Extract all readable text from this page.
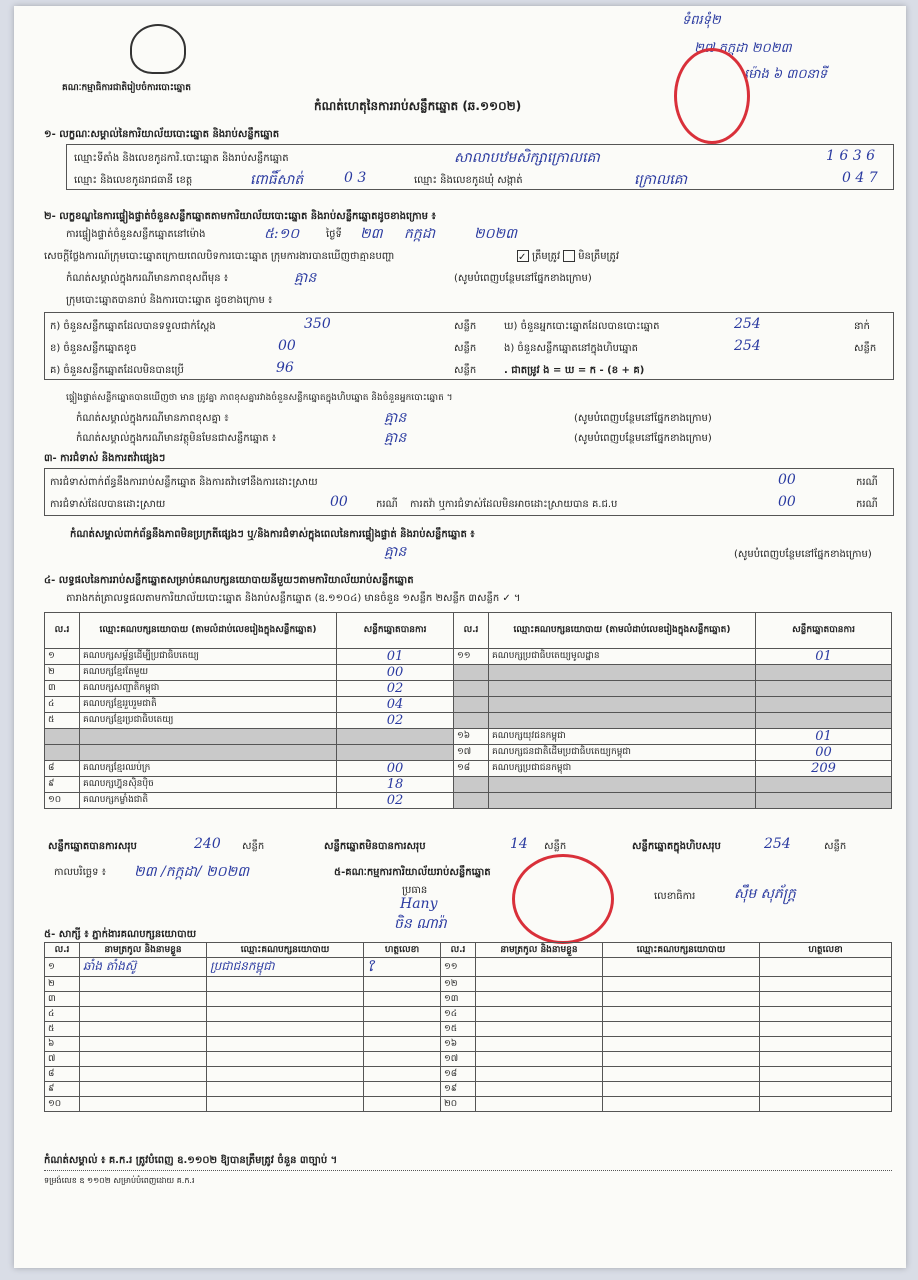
គណៈកម្មាធិការជាតិរៀបចំការបោះឆ្នោត
ទំពរទុំ២
២៧ កក្កដា ២០២៣
ម៉ោង ៦ ៣០នាទី
កំណត់ហេតុនៃការរាប់សន្លឹកឆ្នោត (ឆ.១១០២)
១- លក្ខណៈសម្គាល់នៃការិយាល័យបោះឆ្នោត និងរាប់សន្លឹកឆ្នោត
ឈ្មោះទីតាំង និងលេខកូដការិ.បោះឆ្នោត និងរាប់សន្លឹកឆ្នោត	សាលាបឋមសិក្សាក្រោលគោ	1 6 3 6
ឈ្មោះ និងលេខកូដរាជធានី ខេត្ត	ពោធិ៍សាត់	0 3	ឈ្មោះ និងលេខកូដឃុំ សង្កាត់	ក្រោលគោ	0 4 7
២- លក្ខខណ្ឌនៃការផ្ទៀងផ្ទាត់ចំនួនសន្លឹកឆ្នោតតាមការិយាល័យបោះឆ្នោត និងរាប់សន្លឹកឆ្នោតដូចខាងក្រោម ៖
ការផ្ទៀងផ្ទាត់ចំនួនសន្លឹកឆ្នោតនៅម៉ោង	៥:១០	ថ្ងៃទី ២៣ កក្កដា	២០២៣
សេចក្តីថ្លែងការណ៍ក្រុមបោះឆ្នោតក្រោយពេលបិទការបោះឆ្នោត ក្រុមការងារបានឃើញថាគ្មានបញ្ហា	✓ ត្រឹមត្រូវ មិនត្រឹមត្រូវ
កំណត់សម្គាល់ក្នុងករណីមានភាពខុសពីមុន ៖	គ្មាន	(សូមបំពេញបន្ថែមនៅផ្នែកខាងក្រោម)
ក្រុមបោះឆ្នោតបានរាប់ និងការបោះឆ្នោត ដូចខាងក្រោម ៖
ក) ចំនួនសន្លឹកឆ្នោតដែលបានទទួលជាក់ស្តែង	350	សន្លឹក
ខ) ចំនួនសន្លឹកឆ្នោតខូច	00	សន្លឹក
គ) ចំនួនសន្លឹកឆ្នោតដែលមិនបានប្រើ	96	សន្លឹក
ឃ) ចំនួនអ្នកបោះឆ្នោតដែលបានបោះឆ្នោត	254	នាក់
ង) ចំនួនសន្លឹកឆ្នោតនៅក្នុងហិបឆ្នោត	254	សន្លឹក
. ជាតម្រូវ ង = ឃ = ក - (ខ + គ)
ផ្ទៀងផ្ទាត់សន្លឹកឆ្នោតបានឃើញថា មាន ត្រូវគ្នា ភាពខុសគ្នារវាងចំនួនសន្លឹកឆ្នោតក្នុងហិបឆ្នោត និងចំនួនអ្នកបោះឆ្នោត ។
កំណត់សម្គាល់ក្នុងករណីមានភាពខុសគ្នា ៖	គ្មាន	(សូមបំពេញបន្ថែមនៅផ្នែកខាងក្រោម)
កំណត់សម្គាល់ក្នុងករណីមានវត្ថុមិនមែនជាសន្លឹកឆ្នោត ៖	គ្មាន	(សូមបំពេញបន្ថែមនៅផ្នែកខាងក្រោម)
៣- ការជំទាស់ និងការតវ៉ាផ្សេងៗ
ការជំទាស់ពាក់ព័ន្ធនឹងការរាប់សន្លឹកឆ្នោត និងការតវ៉ាទៅនឹងការដោះស្រាយ	00	ករណី
ការជំទាស់ដែលបានដោះស្រាយ	00	ករណី ការតវ៉ា ឬការជំទាស់ដែលមិនអាចដោះស្រាយបាន គ.ជ.ប	00	ករណី
កំណត់សម្គាល់ពាក់ព័ន្ធនឹងភាពមិនប្រក្រតីផ្សេងៗ ឬ/និងការជំទាស់ក្នុងពេលនៃការផ្ទៀងផ្ទាត់ និងរាប់សន្លឹកឆ្នោត ៖
គ្មាន	(សូមបំពេញបន្ថែមនៅផ្នែកខាងក្រោម)
៤- លទ្ធផលនៃការរាប់សន្លឹកឆ្នោតសម្រាប់គណបក្សនយោបាយនីមួយៗតាមការិយាល័យរាប់សន្លឹកឆ្នោត
តារាងកត់ត្រាលទ្ធផលតាមការិយាល័យបោះឆ្នោត និងរាប់សន្លឹកឆ្នោត (ឧ.១១០៤) មានចំនួន ១សន្លឹក ២សន្លឹក ៣សន្លឹក ✓ ។
ល.រ	ឈ្មោះគណបក្សនយោបាយ (តាមលំដាប់លេខរៀងក្នុងសន្លឹកឆ្នោត)	សន្លឹកឆ្នោតបានការ	ល.រ	ឈ្មោះគណបក្សនយោបាយ (តាមលំដាប់លេខរៀងក្នុងសន្លឹកឆ្នោត)	សន្លឹកឆ្នោតបានការ
១	គណបក្សសម្ព័ន្ធដើម្បីប្រជាធិបតេយ្យ	01	១១	គណបក្សប្រជាធិបតេយ្យមូលដ្ឋាន	01
២	គណបក្សខ្មែរតែមួយ	00			
៣	គណបក្សសញ្ជាតិកម្ពុជា	02			
៤	គណបក្សខ្មែររួបរួមជាតិ	04			
៥	គណបក្សខ្មែរប្រជាធិបតេយ្យ	02			
			១៦	គណបក្សយុវជនកម្ពុជា	01
			១៧	គណបក្សជនជាតិដើមប្រជាធិបតេយ្យកម្ពុជា	00
៨	គណបក្សខ្មែរឈប់ក្រ	00	១៨	គណបក្សប្រជាជនកម្ពុជា	209
៩	គណបក្សហ្វ៊ុនស៊ិនប៉ិច	18			
១០	គណបក្សកម្លាំងជាតិ	02			
សន្លឹកឆ្នោតបានការសរុប	240 សន្លឹក	សន្លឹកឆ្នោតមិនបានការសរុប	14 សន្លឹក	សន្លឹកឆ្នោតក្នុងហិបសរុប	254	សន្លឹក
កាលបរិច្ឆេទ ៖ ២៣ /កក្កដា/ ២០២៣	៥-គណៈកម្មការការិយាល័យរាប់សន្លឹកឆ្នោត
ប្រធាន
Hany
ចិន ណារ៉ា
លេខាធិការ	ស៊ឹម សុភ័ក្ត្រ
៥- សាក្សី ៖ ភ្នាក់ងារគណបក្សនយោបាយ
ល.រ	នាមត្រកូល និងនាមខ្លួន	ឈ្មោះគណបក្សនយោបាយ	ហត្ថលេខា	ល.រ	នាមត្រកូល និងនាមខ្លួន	ឈ្មោះគណបក្សនយោបាយ	ហត្ថលេខា
១	ឆាំង តាំងស៊ូ	ប្រជាជនកម្ពុជា	ໃ	១១			
២				១២			
៣				១៣			
៤				១៤			
៥				១៥			
៦				១៦			
៧				១៧			
៨				១៨			
៩				១៩			
១០				២០			
កំណត់សម្គាល់ ៖ គ.ក.រ ត្រូវបំពេញ ឧ.១១០២ ឱ្យបានត្រឹមត្រូវ ចំនួន ៣ច្បាប់ ។
ទម្រង់លេខ ឧ ១១០២ សម្រាប់បំពេញដោយ គ.ក.រ
